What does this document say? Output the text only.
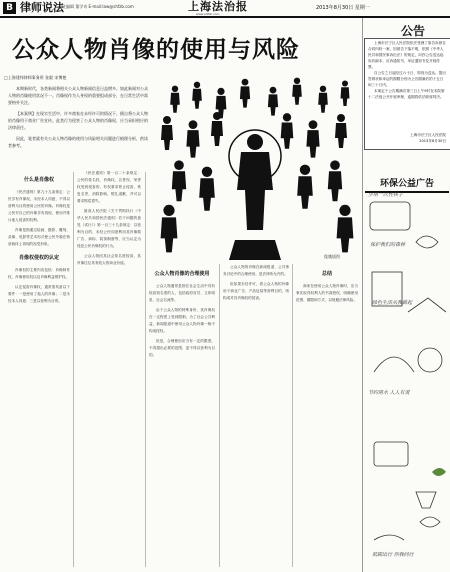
B 律师说法
责任编辑 董学奇 E-mail:law@shfzb.com	上海法治报
www.shfzb.com
2013年8月30日 星期一
公众人物肖像的使用与风险
□上海建纬律师事务所 张毅 宋博艳

本期新时代，各类新闻将相关公众人物新闻信息日益增多。如此新闻对公众人物的肖像使用状况不一。肖像权作为人身权的重要组成部分，在日常生活中需要格外关注。

【本案例】在现实生活中，许多商家在未经许可的情况下，擅自将公众人物的肖像用于商业广告宣传。此类行为侵害了公众人物的肖像权，应当承担相应的法律责任。

因此，笔者就有关公众人物肖像的使用与风险相关问题进行梳理分析，供读者参考。

俊娥插图
什么是肖像权

《民法通则》第九十九条规定：公民享有肖像权，未经本人同意，不得以营利为目的使用公民的肖像。肖像权是公民对自己的肖像享有再现、使用并排斥他人侵害的权利。

肖像是指通过绘画、摄影、雕刻、录像、电影等艺术形式使公民外貌在物质载体上再现的视觉形象。

肖像权侵权的认定

肖像权的主要内容包括：肖像制作权、肖像使用权以及肖像利益维护权。

认定侵害肖像权，通常需具备以下要件：一是使用了他人的肖像；二是未经本人同意；三是以营利为目的。

《民法通则》第一百二十条规定：公民的姓名权、肖像权、名誉权、荣誉权受到侵害的，有权要求停止侵害，恢复名誉，消除影响，赔礼道歉，并可以要求赔偿损失。

最高人民法院《关于贯彻执行〈中华人民共和国民法通则〉若干问题的意见（试行）》第一百三十九条规定：以营利为目的，未经公民同意利用其肖像做广告、商标、装饰橱窗等，应当认定为侵犯公民肖像权的行为。

公众人物因其社会知名度较高，其肖像往往具有较大的商业价值。

公众人物肖像的合理使用

公众人物通常是指在社会生活中具有较高知名度的人，包括政府官员、文体明星、社会名流等。

由于公众人物的特殊身份，其肖像权在一定程度上受到限制。为了社会公共利益，新闻报道中使用公众人物肖像一般不构成侵权。

但是，合理使用应当有一定的限度，不得超出必要的范围，更不得以营利为目的。

公众人物的肖像在新闻报道、公共事务讨论中的合理使用，是法律所允许的。

但如果未经许可，将公众人物的肖像用于商业广告、产品包装等营利目的，则构成对其肖像权的侵害。

总结

商家在使用公众人物肖像时，应当事先取得权利人的书面授权，明确使用范围、期限和方式，以规避法律风险。

公告

上海市长宁区人民法院依法受理了原告诉被告合同纠纷一案，因被告下落不明，依照《中华人民共和国民事诉讼法》的规定，向你公告送达起诉状副本、应诉通知书、举证通知书及开庭传票。

自公告之日起经过六十日，即视为送达。提出答辩状和举证的期限分别为公告期满后的十五日和三十日内。

本案定于公告期满后第三日上午9时在本院第十二法庭公开开庭审理，逾期将依法缺席判决。

上海市长宁区人民法院
2013年8月30日
环保公益广告
少用一次性筷子
保护我们的森林
绿色生活从我做起
节约用水 人人有责
低碳出行 你我同行
